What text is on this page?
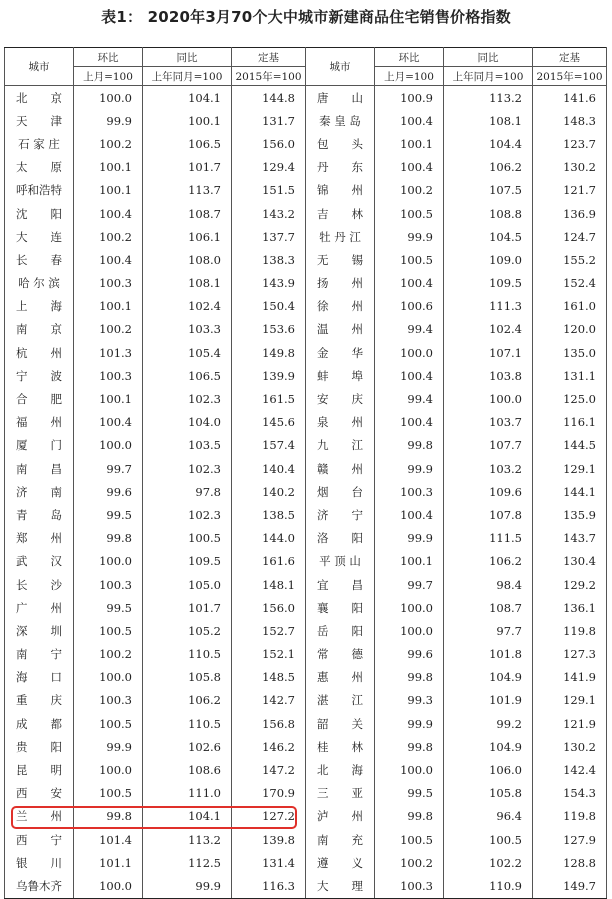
表1： 2020年3月70个大中城市新建商品住宅销售价格指数
城市	环比	同比	定基	城市	环比	同比	定基
	上月=100	上年同月=100	2015年=100		上月=100	上年同月=100	2015年=100
北　　京	100.0	104.1	144.8	唐　　山	100.9	113.2	141.6
天　　津	99.9	100.1	131.7	秦 皇 岛	100.4	108.1	148.3
石 家 庄	100.2	106.5	156.0	包　　头	100.1	104.4	123.7
太　　原	100.1	101.7	129.4	丹　　东	100.4	106.2	130.2
呼和浩特	100.1	113.7	151.5	锦　　州	100.2	107.5	121.7
沈　　阳	100.4	108.7	143.2	吉　　林	100.5	108.8	136.9
大　　连	100.2	106.1	137.7	牡 丹 江	99.9	104.5	124.7
长　　春	100.4	108.0	138.3	无　　锡	100.5	109.0	155.2
哈 尔 滨	100.3	108.1	143.9	扬　　州	100.4	109.5	152.4
上　　海	100.1	102.4	150.4	徐　　州	100.6	111.3	161.0
南　　京	100.2	103.3	153.6	温　　州	99.4	102.4	120.0
杭　　州	101.3	105.4	149.8	金　　华	100.0	107.1	135.0
宁　　波	100.3	106.5	139.9	蚌　　埠	100.4	103.8	131.1
合　　肥	100.1	102.3	161.5	安　　庆	99.4	100.0	125.0
福　　州	100.4	104.0	145.6	泉　　州	100.4	103.7	116.1
厦　　门	100.0	103.5	157.4	九　　江	99.8	107.7	144.5
南　　昌	99.7	102.3	140.4	赣　　州	99.9	103.2	129.1
济　　南	99.6	97.8	140.2	烟　　台	100.3	109.6	144.1
青　　岛	99.5	102.3	138.5	济　　宁	100.4	107.8	135.9
郑　　州	99.8	100.5	144.0	洛　　阳	99.9	111.5	143.7
武　　汉	100.0	109.5	161.6	平 顶 山	100.1	106.2	130.4
长　　沙	100.3	105.0	148.1	宜　　昌	99.7	98.4	129.2
广　　州	99.5	101.7	156.0	襄　　阳	100.0	108.7	136.1
深　　圳	100.5	105.2	152.7	岳　　阳	100.0	97.7	119.8
南　　宁	100.2	110.5	152.1	常　　德	99.6	101.8	127.3
海　　口	100.0	105.8	148.5	惠　　州	99.8	104.9	141.9
重　　庆	100.3	106.2	142.7	湛　　江	99.3	101.9	129.1
成　　都	100.5	110.5	156.8	韶　　关	99.9	99.2	121.9
贵　　阳	99.9	102.6	146.2	桂　　林	99.8	104.9	130.2
昆　　明	100.0	108.6	147.2	北　　海	100.0	106.0	142.4
西　　安	100.5	111.0	170.9	三　　亚	99.5	105.8	154.3
兰　　州	99.8	104.1	127.2	泸　　州	99.8	96.4	119.8
西　　宁	101.4	113.2	139.8	南　　充	100.5	100.5	127.9
银　　川	101.1	112.5	131.4	遵　　义	100.2	102.2	128.8
乌鲁木齐	100.0	99.9	116.3	大　　理	100.3	110.9	149.7
